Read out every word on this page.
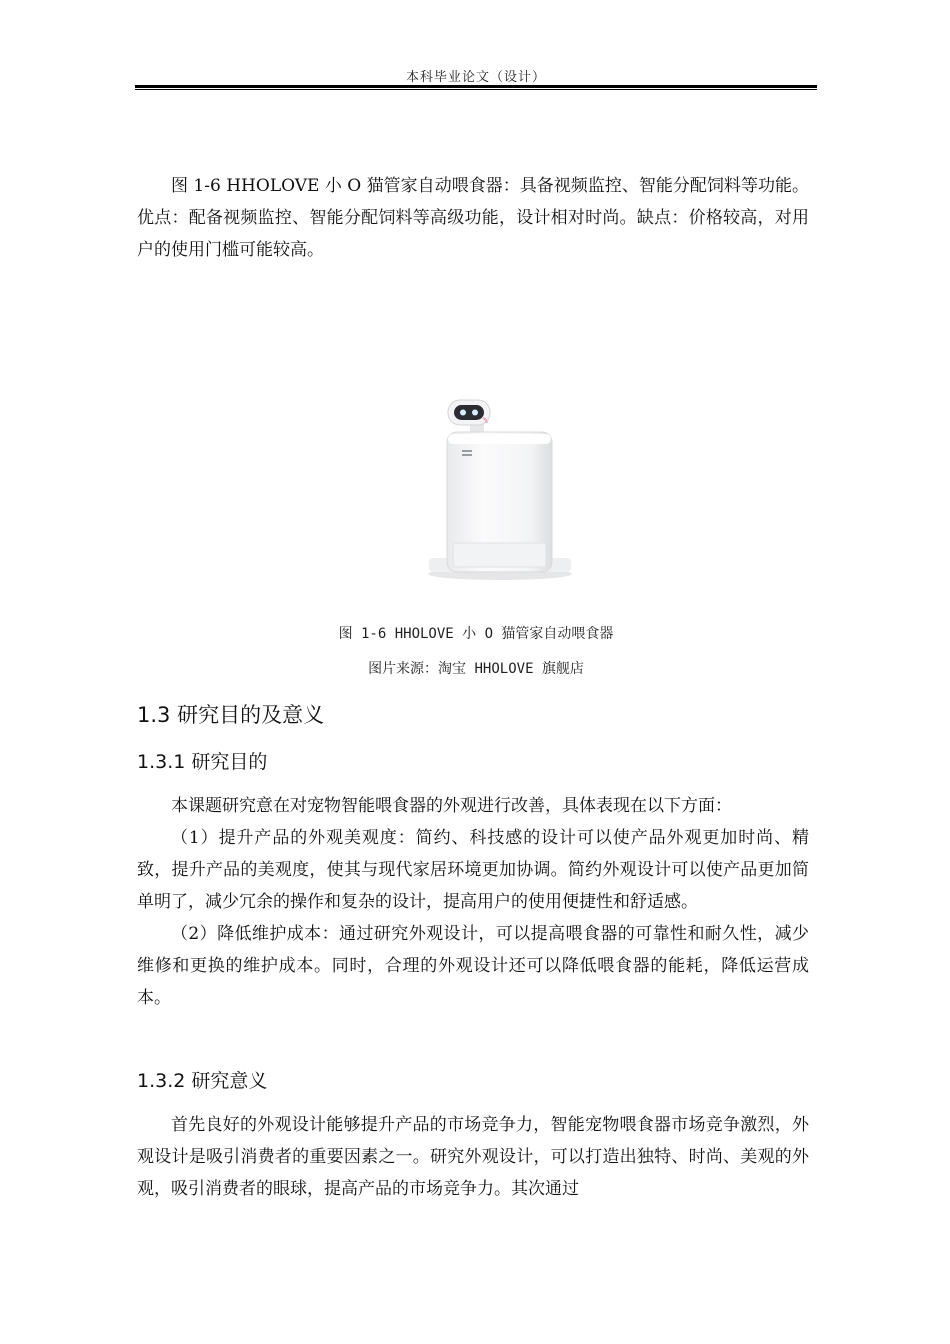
本科毕业论文（设计）

图 1-6 HHOLOVE 小 O 猫管家自动喂食器：具备视频监控、智能分配饲料等功能。优点：配备视频监控、智能分配饲料等高级功能，设计相对时尚。缺点：价格较高，对用户的使用门槛可能较高。

图 1-6 HHOLOVE 小 O 猫管家自动喂食器
图片来源：淘宝 HHOLOVE 旗舰店
1.3 研究目的及意义
1.3.1 研究目的

本课题研究意在对宠物智能喂食器的外观进行改善，具体表现在以下方面：

（1）提升产品的外观美观度：简约、科技感的设计可以使产品外观更加时尚、精致，提升产品的美观度，使其与现代家居环境更加协调。简约外观设计可以使产品更加简单明了，减少冗余的操作和复杂的设计，提高用户的使用便捷性和舒适感。

（2）降低维护成本：通过研究外观设计，可以提高喂食器的可靠性和耐久性，减少维修和更换的维护成本。同时，合理的外观设计还可以降低喂食器的能耗，降低运营成本。

1.3.2 研究意义

首先良好的外观设计能够提升产品的市场竞争力，智能宠物喂食器市场竞争激烈，外观设计是吸引消费者的重要因素之一。研究外观设计，可以打造出独特、时尚、美观的外观，吸引消费者的眼球，提高产品的市场竞争力。其次通过
